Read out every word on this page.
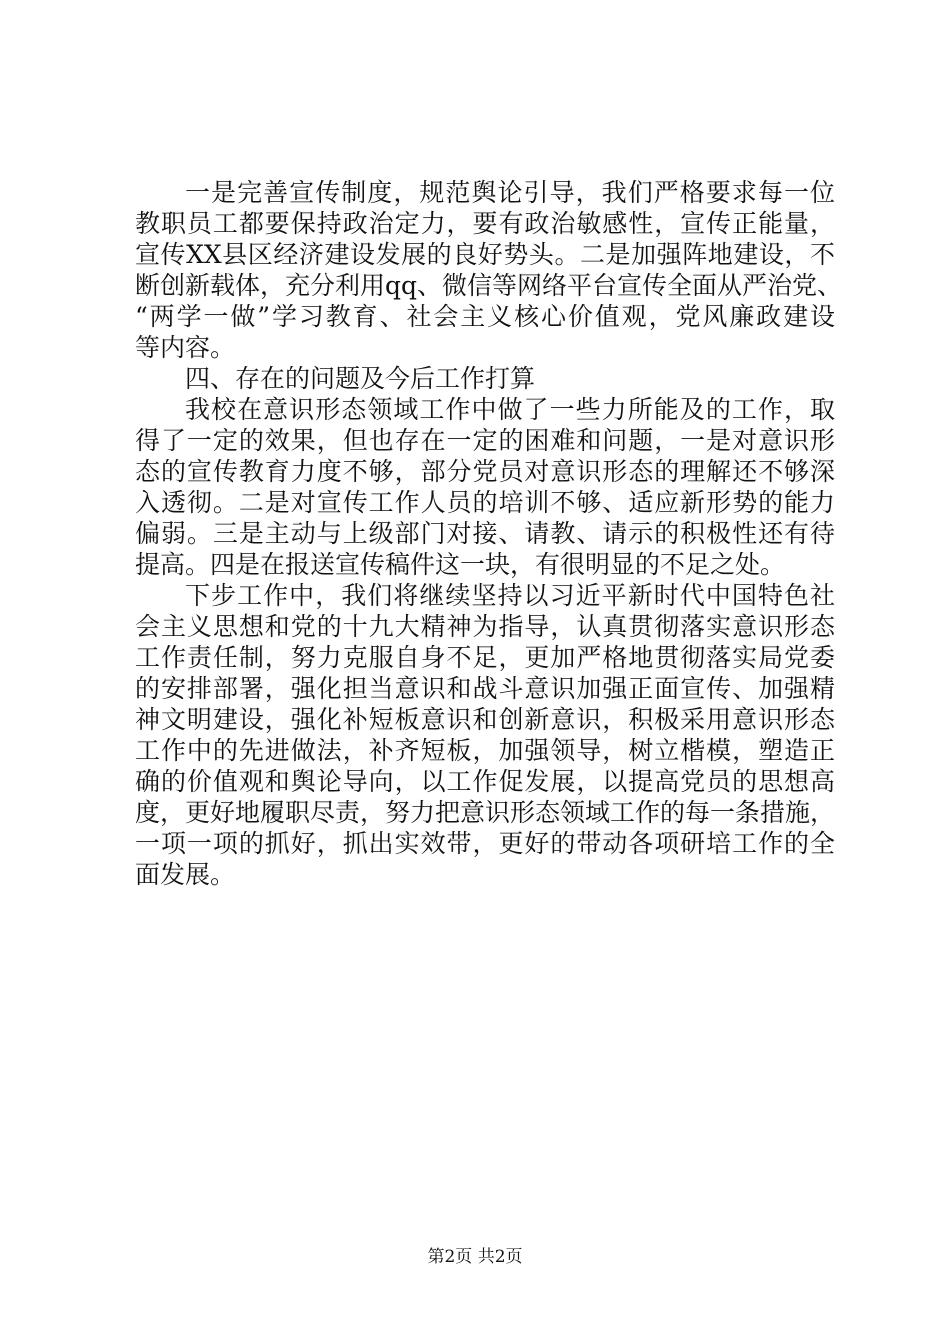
一是完善宣传制度，规范舆论引导，我们严格要求每一位
教职员工都要保持政治定力，要有政治敏感性，宣传正能量，
宣传XX县区经济建设发展的良好势头。二是加强阵地建设，不
断创新载体，充分利用qq、微信等网络平台宣传全面从严治党、
“两学一做”学习教育、社会主义核心价值观，党风廉政建设
等内容。
四、存在的问题及今后工作打算
我校在意识形态领域工作中做了一些力所能及的工作，取
得了一定的效果，但也存在一定的困难和问题，一是对意识形
态的宣传教育力度不够，部分党员对意识形态的理解还不够深
入透彻。二是对宣传工作人员的培训不够、适应新形势的能力
偏弱。三是主动与上级部门对接、请教、请示的积极性还有待
提高。四是在报送宣传稿件这一块，有很明显的不足之处。
下步工作中，我们将继续坚持以习近平新时代中国特色社
会主义思想和党的十九大精神为指导，认真贯彻落实意识形态
工作责任制，努力克服自身不足，更加严格地贯彻落实局党委
的安排部署，强化担当意识和战斗意识加强正面宣传、加强精
神文明建设，强化补短板意识和创新意识，积极采用意识形态
工作中的先进做法，补齐短板，加强领导，树立楷模，塑造正
确的价值观和舆论导向，以工作促发展，以提高党员的思想高
度，更好地履职尽责，努力把意识形态领域工作的每一条措施，
一项一项的抓好，抓出实效带，更好的带动各项研培工作的全
面发展。
第2页 共2页
